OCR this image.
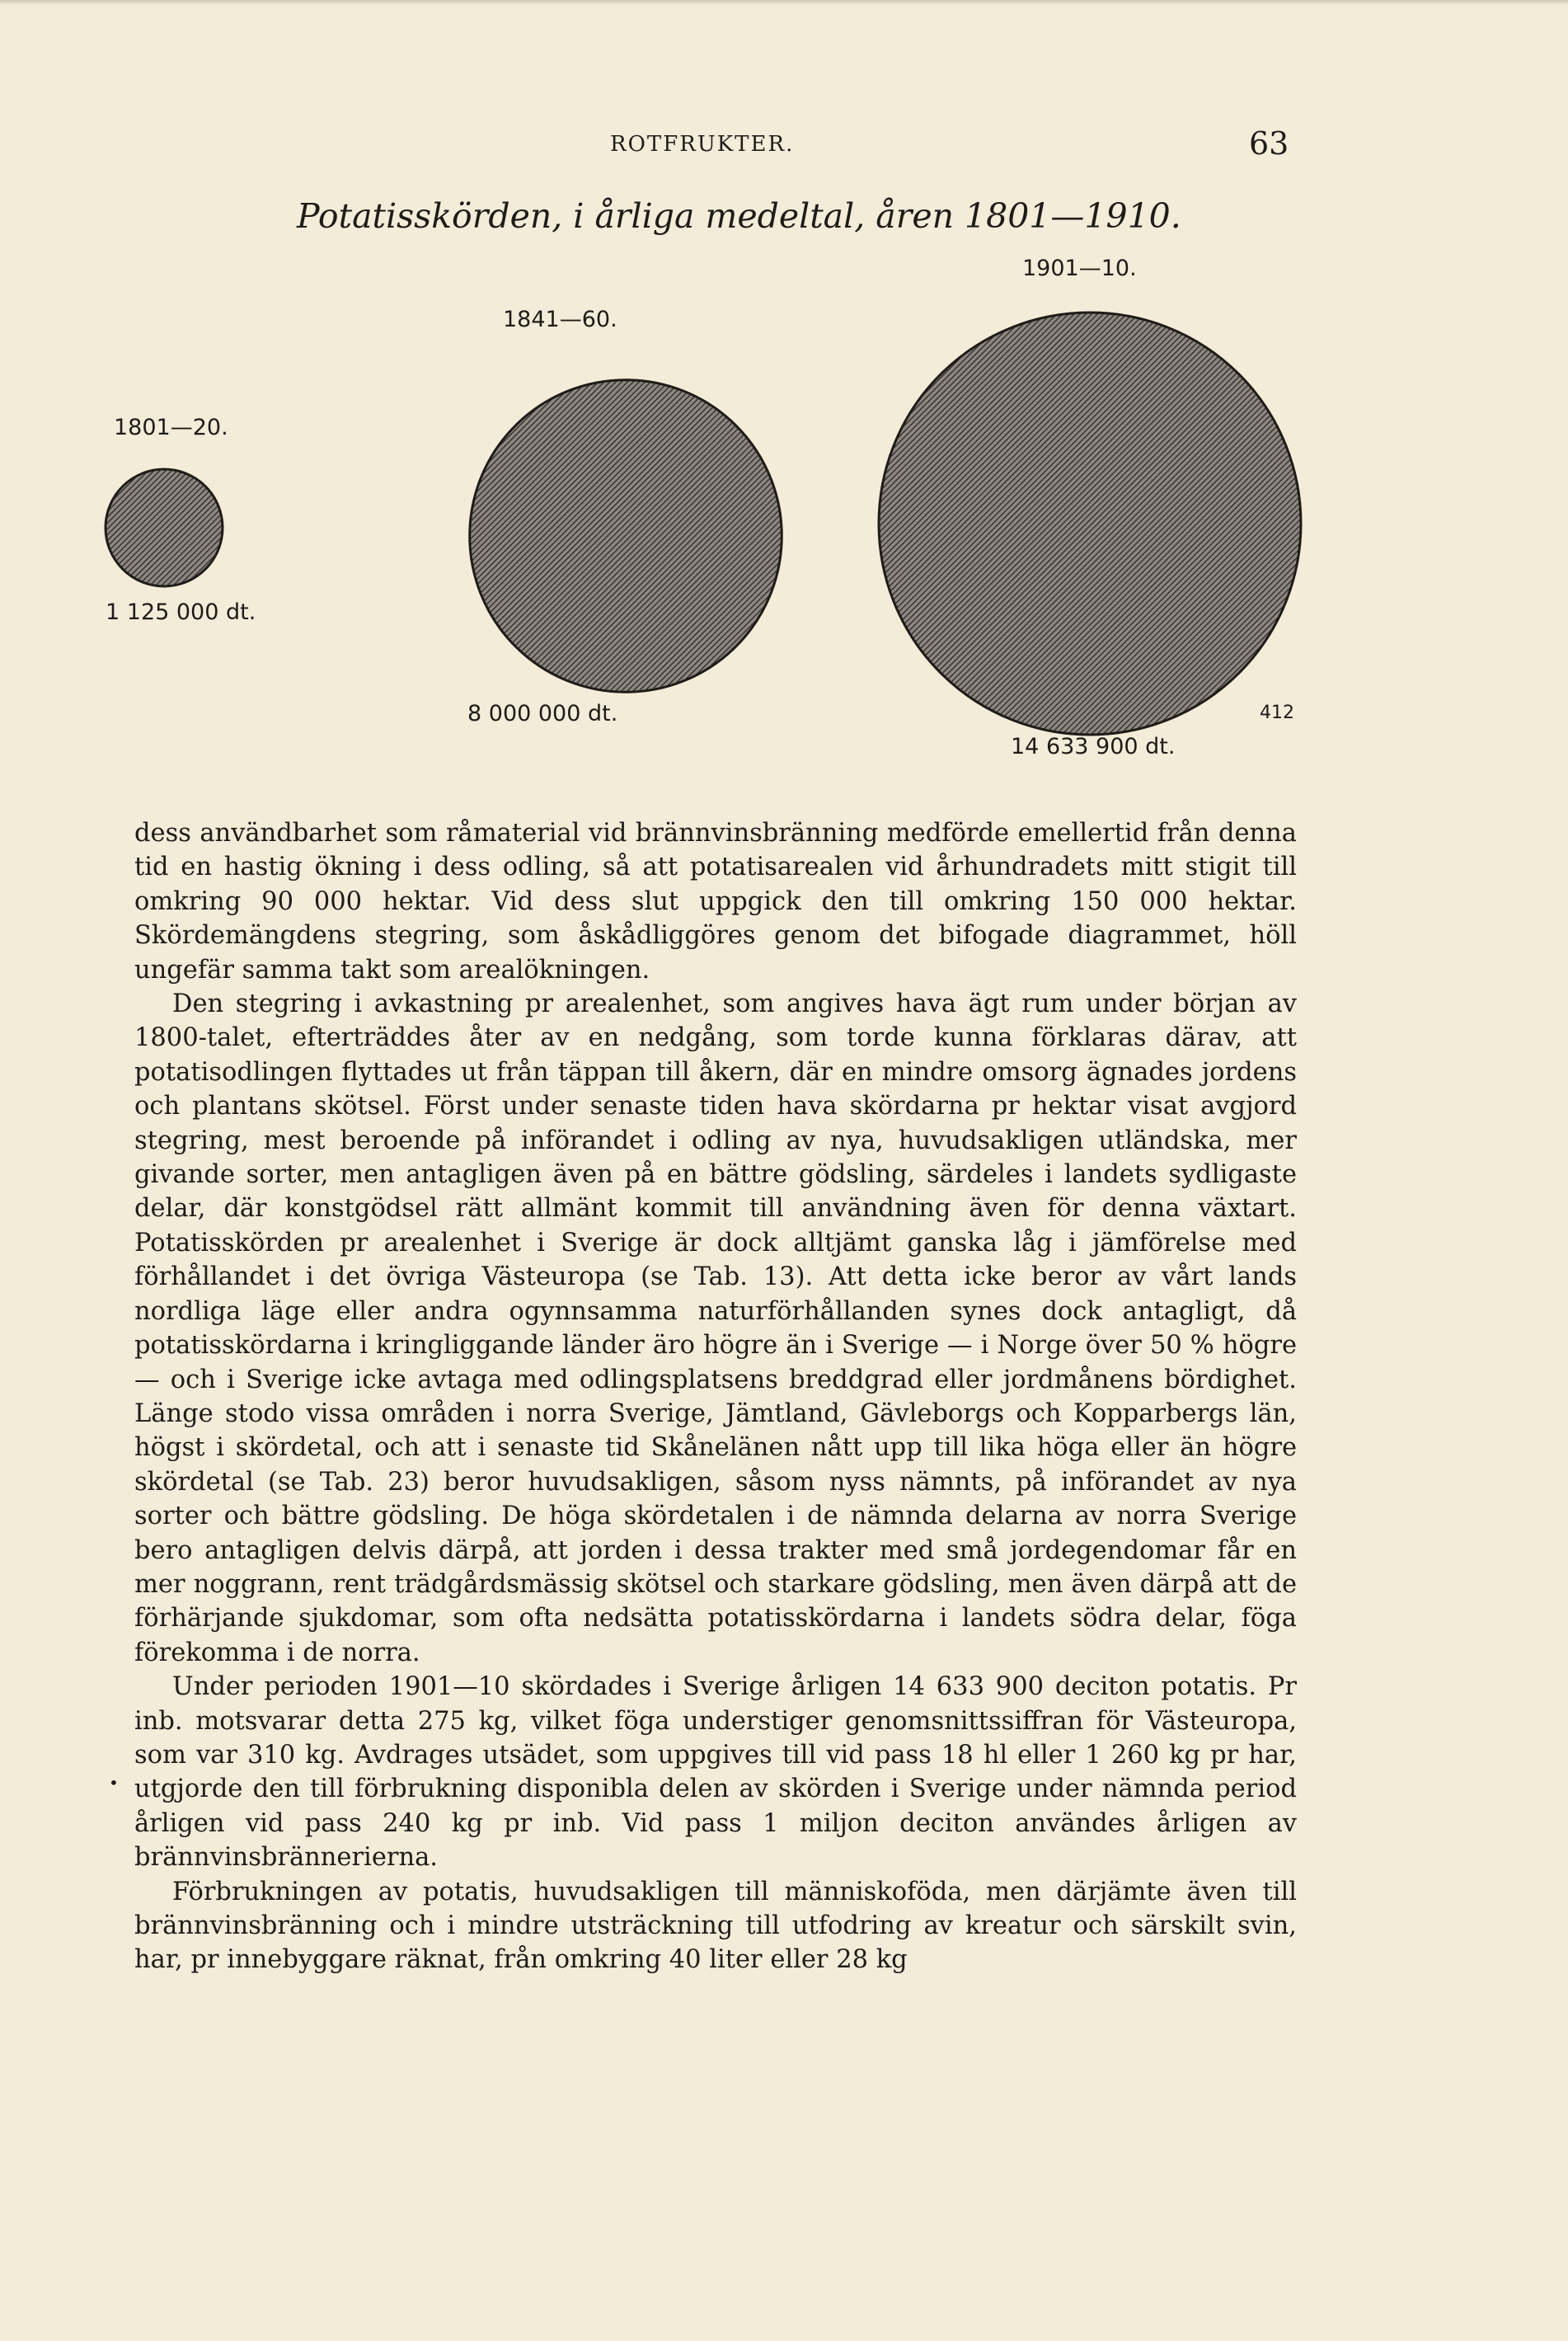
ROTFRUKTER.	63
Potatisskörden, i årliga medeltal, åren 1801—1910.
1801—20.
1 125 000 dt.
1841—60.
8 000 000 dt.
1901—10.
14 633 900 dt.
412

dess användbarhet som råmaterial vid brännvinsbränning medförde emellertid från denna tid en hastig ökning i dess odling, så att potatisarealen vid århundradets mitt stigit till omkring 90 000 hektar. Vid dess slut uppgick den till omkring 150 000 hektar. Skördemängdens stegring, som åskådliggöres genom det bifogade diagrammet, höll ungefär samma takt som arealökningen.

Den stegring i avkastning pr arealenhet, som angives hava ägt rum under början av 1800-talet, efterträddes åter av en nedgång, som torde kunna förklaras därav, att potatisodlingen flyttades ut från täppan till åkern, där en mindre omsorg ägnades jordens och plantans skötsel. Först under senaste tiden hava skördarna pr hektar visat avgjord stegring, mest beroende på införandet i odling av nya, huvudsakligen utländska, mer givande sorter, men antagligen även på en bättre gödsling, särdeles i landets sydligaste delar, där konstgödsel rätt allmänt kommit till användning även för denna växtart. Potatisskörden pr arealenhet i Sverige är dock alltjämt ganska låg i jämförelse med förhållandet i det övriga Västeuropa (se Tab. 13). Att detta icke beror av vårt lands nordliga läge eller andra ogynnsamma naturförhållanden synes dock antagligt, då potatisskördarna i kringliggande länder äro högre än i Sverige — i Norge över 50 % högre — och i Sverige icke avtaga med odlingsplatsens breddgrad eller jordmånens bördighet. Länge stodo vissa områden i norra Sverige, Jämtland, Gävleborgs och Kopparbergs län, högst i skördetal, och att i senaste tid Skånelänen nått upp till lika höga eller än högre skördetal (se Tab. 23) beror huvudsakligen, såsom nyss nämnts, på införandet av nya sorter och bättre gödsling. De höga skördetalen i de nämnda delarna av norra Sverige bero antagligen delvis därpå, att jorden i dessa trakter med små jordegendomar får en mer noggrann, rent trädgårdsmässig skötsel och starkare gödsling, men även därpå att de förhärjande sjukdomar, som ofta nedsätta potatisskördarna i landets södra delar, föga förekomma i de norra.

Under perioden 1901—10 skördades i Sverige årligen 14 633 900 deciton potatis. Pr inb. motsvarar detta 275 kg, vilket föga understiger genomsnittssiffran för Västeuropa, som var 310 kg. Avdrages utsädet, som uppgives till vid pass 18 hl eller 1 260 kg pr har, utgjorde den till förbrukning disponibla delen av skörden i Sverige under nämnda period årligen vid pass 240 kg pr inb. Vid pass 1 miljon deciton användes årligen av brännvinsbrännerierna.

Förbrukningen av potatis, huvudsakligen till människoföda, men därjämte även till brännvinsbränning och i mindre utsträckning till utfodring av kreatur och särskilt svin, har, pr innebyggare räknat, från omkring 40 liter eller 28 kg

•
